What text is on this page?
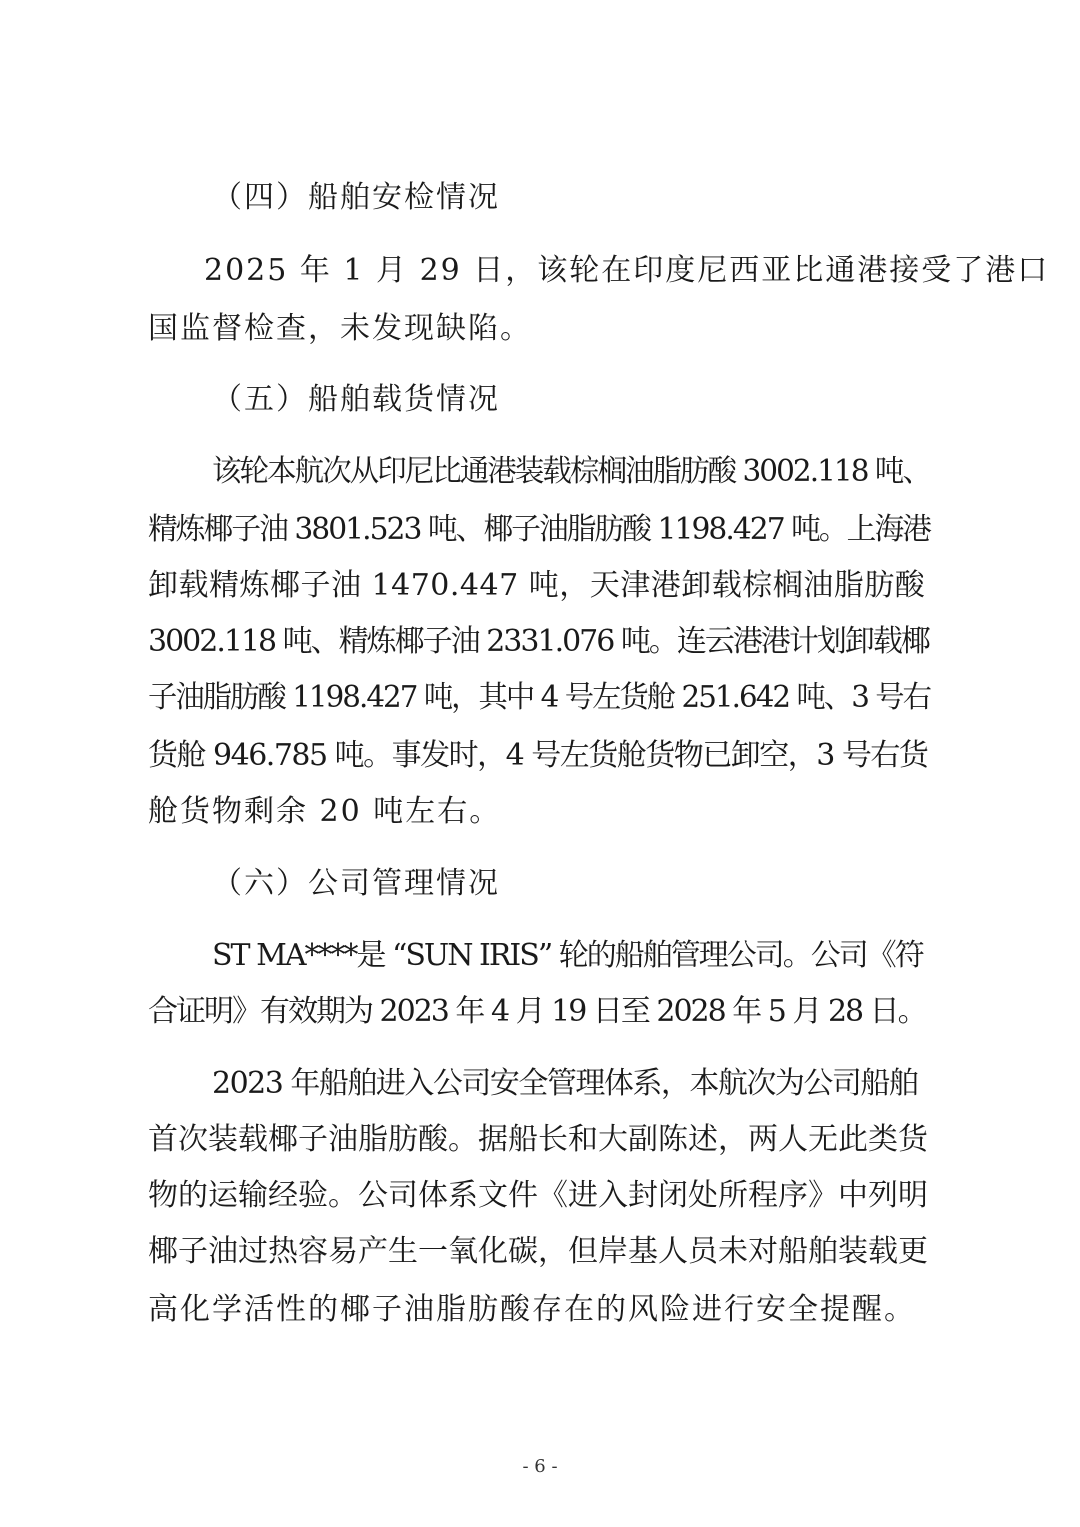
（四）船舶安检情况
2025 年 1 月 29 日，该轮在印度尼西亚比通港接受了港口
国监督检查，未发现缺陷。
（五）船舶载货情况
该轮本航次从印尼比通港装载棕榈油脂肪酸 3002.118 吨、
精炼椰子油 3801.523 吨、椰子油脂肪酸 1198.427 吨。上海港
卸载精炼椰子油 1470.447 吨，天津港卸载棕榈油脂肪酸
3002.118 吨、精炼椰子油 2331.076 吨。连云港港计划卸载椰
子油脂肪酸 1198.427 吨，其中 4 号左货舱 251.642 吨、3 号右
货舱 946.785 吨。事发时，4 号左货舱货物已卸空，3 号右货
舱货物剩余 20 吨左右。
（六）公司管理情况
ST MA****是 “SUN IRIS” 轮的船舶管理公司。公司《符
合证明》有效期为 2023 年 4 月 19 日至 2028 年 5 月 28 日。
2023 年船舶进入公司安全管理体系，本航次为公司船舶
首次装载椰子油脂肪酸。据船长和大副陈述，两人无此类货
物的运输经验。公司体系文件《进入封闭处所程序》中列明
椰子油过热容易产生一氧化碳，但岸基人员未对船舶装载更
高化学活性的椰子油脂肪酸存在的风险进行安全提醒。
- 6 -
